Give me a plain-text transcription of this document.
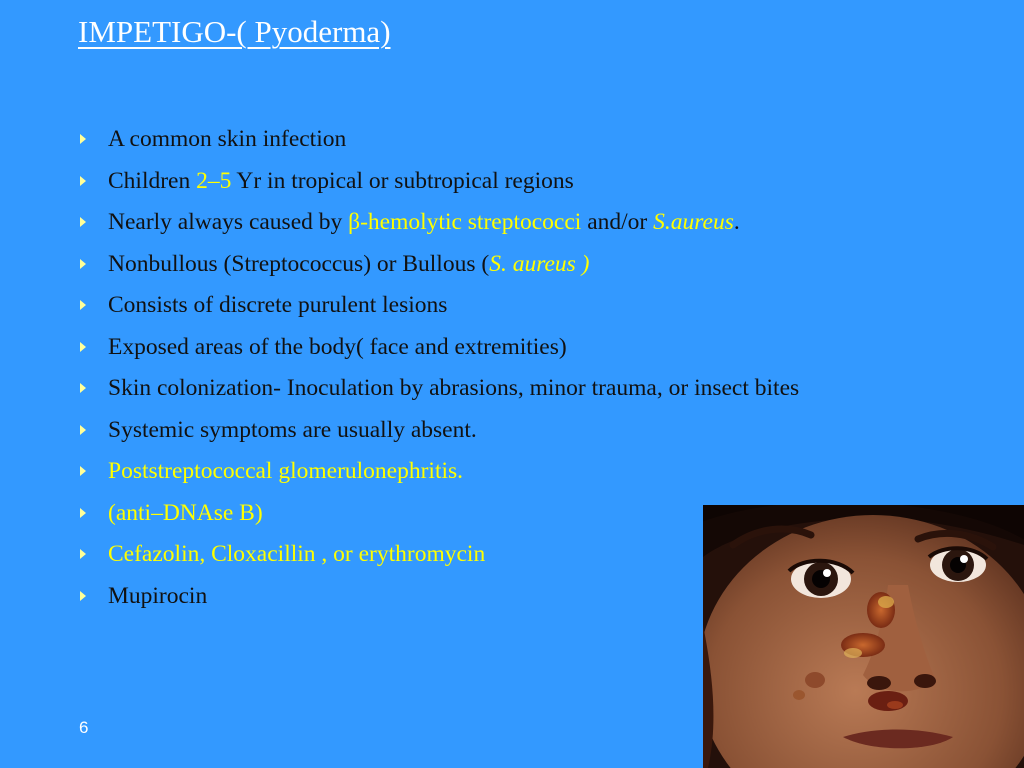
IMPETIGO-( Pyoderma)
A common skin infection
Children 2–5 Yr in tropical or subtropical regions
Nearly always caused by β-hemolytic streptococci and/or S.aureus.
Nonbullous (Streptococcus) or Bullous (S. aureus )
Consists of discrete purulent lesions
Exposed areas of the body( face and extremities)
Skin colonization- Inoculation by abrasions, minor trauma, or insect bites
Systemic symptoms are usually absent.
Poststreptococcal glomerulonephritis.
(anti–DNAse B)
Cefazolin, Cloxacillin , or erythromycin
Mupirocin
6
